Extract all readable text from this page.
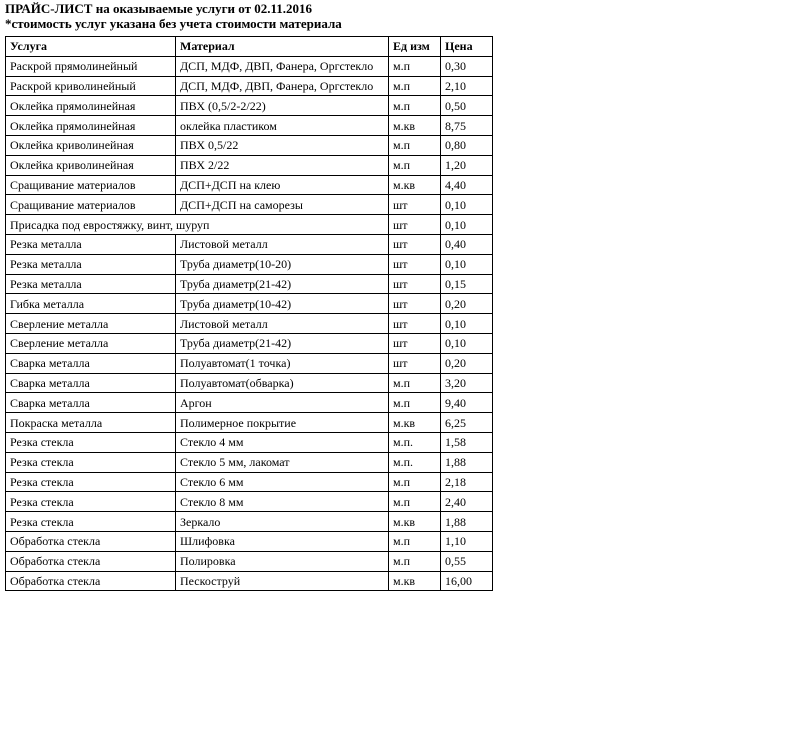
ПРАЙС-ЛИСТ на оказываемые услуги от 02.11.2016
*стоимость услуг указана без учета стоимости материала
Услуга	Материал	Ед изм	Цена
Раскрой прямолинейный	ДСП, МДФ, ДВП, Фанера, Оргстекло	м.п	0,30
Раскрой криволинейный	ДСП, МДФ, ДВП, Фанера, Оргстекло	м.п	2,10
Оклейка прямолинейная	ПВХ (0,5/2-2/22)	м.п	0,50
Оклейка прямолинейная	оклейка пластиком	м.кв	8,75
Оклейка криволинейная	ПВХ 0,5/22	м.п	0,80
Оклейка криволинейная	ПВХ 2/22	м.п	1,20
Сращивание материалов	ДСП+ДСП на клею	м.кв	4,40
Сращивание материалов	ДСП+ДСП на саморезы	шт	0,10
Присадка под евростяжку, винт, шуруп		шт	0,10
Резка металла	Листовой металл	шт	0,40
Резка металла	Труба диаметр(10-20)	шт	0,10
Резка металла	Труба диаметр(21-42)	шт	0,15
Гибка металла	Труба диаметр(10-42)	шт	0,20
Сверление металла	Листовой металл	шт	0,10
Сверление металла	Труба диаметр(21-42)	шт	0,10
Сварка металла	Полуавтомат(1 точка)	шт	0,20
Сварка металла	Полуавтомат(обварка)	м.п	3,20
Сварка металла	Аргон	м.п	9,40
Покраска металла	Полимерное покрытие	м.кв	6,25
Резка стекла	Стекло 4 мм	м.п.	1,58
Резка стекла	Стекло 5 мм, лакомат	м.п.	1,88
Резка стекла	Стекло 6 мм	м.п	2,18
Резка стекла	Стекло 8 мм	м.п	2,40
Резка стекла	Зеркало	м.кв	1,88
Обработка стекла	Шлифовка	м.п	1,10
Обработка стекла	Полировка	м.п	0,55
Обработка стекла	Пескоструй	м.кв	16,00
